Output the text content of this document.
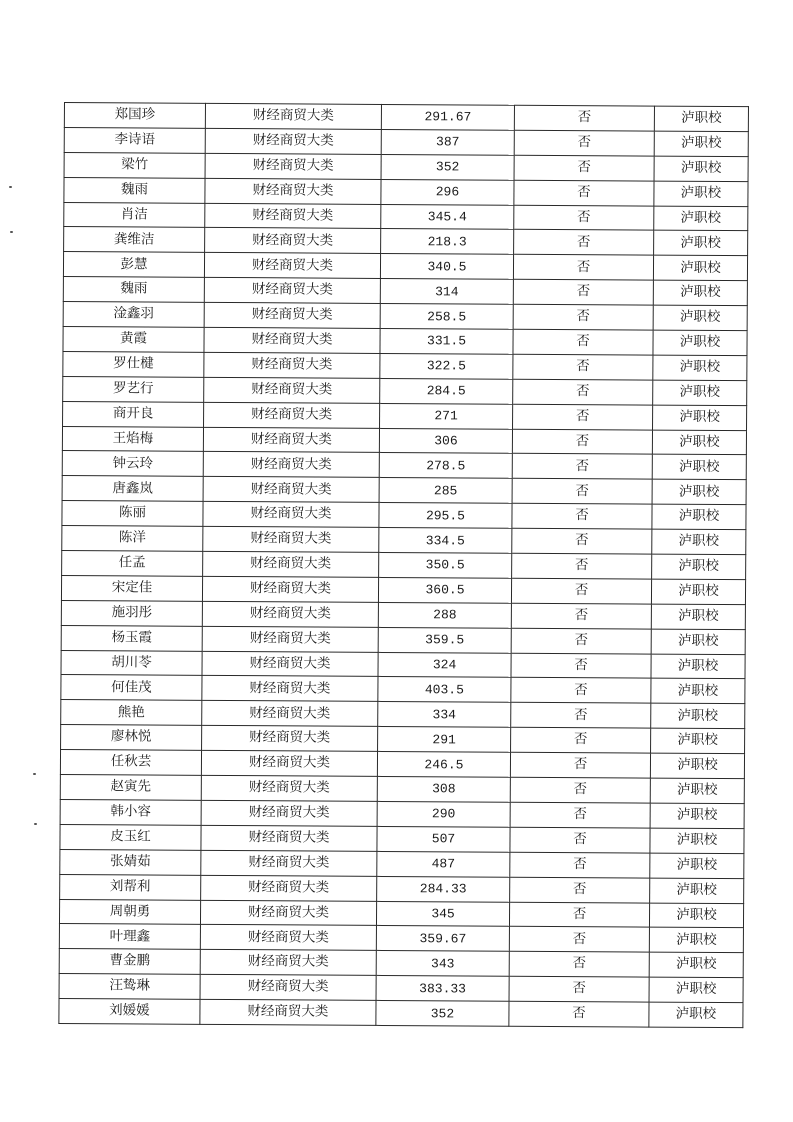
郑国珍	财经商贸大类	291.67	否	泸职校
李诗语	财经商贸大类	387	否	泸职校
梁竹	财经商贸大类	352	否	泸职校
魏雨	财经商贸大类	296	否	泸职校
肖洁	财经商贸大类	345.4	否	泸职校
龚维洁	财经商贸大类	218.3	否	泸职校
彭慧	财经商贸大类	340.5	否	泸职校
魏雨	财经商贸大类	314	否	泸职校
淦鑫羽	财经商贸大类	258.5	否	泸职校
黄霞	财经商贸大类	331.5	否	泸职校
罗仕楗	财经商贸大类	322.5	否	泸职校
罗艺行	财经商贸大类	284.5	否	泸职校
商开良	财经商贸大类	271	否	泸职校
王焰梅	财经商贸大类	306	否	泸职校
钟云玲	财经商贸大类	278.5	否	泸职校
唐鑫岚	财经商贸大类	285	否	泸职校
陈丽	财经商贸大类	295.5	否	泸职校
陈洋	财经商贸大类	334.5	否	泸职校
任孟	财经商贸大类	350.5	否	泸职校
宋定佳	财经商贸大类	360.5	否	泸职校
施羽彤	财经商贸大类	288	否	泸职校
杨玉霞	财经商贸大类	359.5	否	泸职校
胡川苓	财经商贸大类	324	否	泸职校
何佳茂	财经商贸大类	403.5	否	泸职校
熊艳	财经商贸大类	334	否	泸职校
廖林悦	财经商贸大类	291	否	泸职校
任秋芸	财经商贸大类	246.5	否	泸职校
赵寅先	财经商贸大类	308	否	泸职校
韩小容	财经商贸大类	290	否	泸职校
皮玉红	财经商贸大类	507	否	泸职校
张婧茹	财经商贸大类	487	否	泸职校
刘帮利	财经商贸大类	284.33	否	泸职校
周朝勇	财经商贸大类	345	否	泸职校
叶理鑫	财经商贸大类	359.67	否	泸职校
曹金鹏	财经商贸大类	343	否	泸职校
汪鸷琳	财经商贸大类	383.33	否	泸职校
刘媛媛	财经商贸大类	352	否	泸职校
